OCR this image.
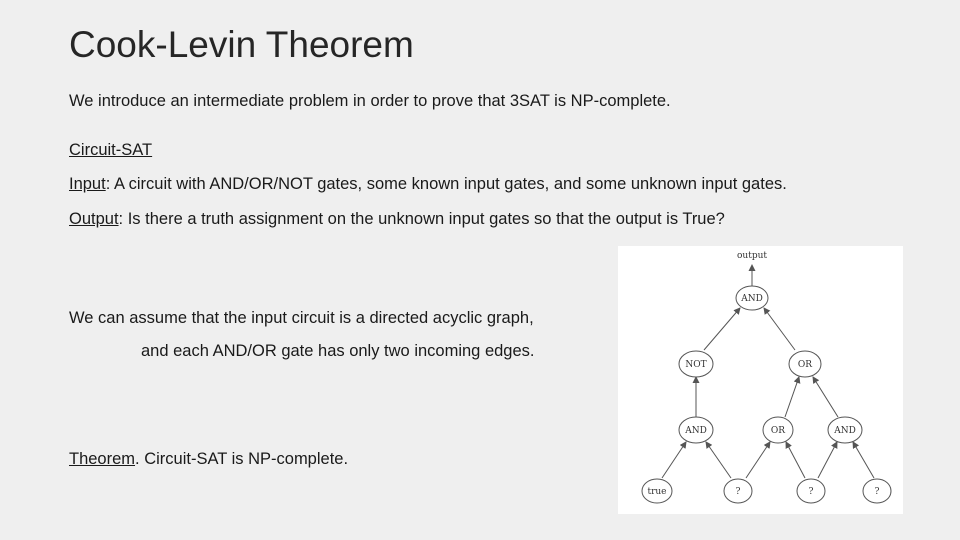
Cook-Levin Theorem

We introduce an intermediate problem in order to prove that 3SAT is NP-complete.

Circuit-SAT

Input: A circuit with AND/OR/NOT gates, some known input gates, and some unknown input gates.

Output: Is there a truth assignment on the unknown input gates so that the output is True?

We can assume that the input circuit is a directed acyclic graph,

and each AND/OR gate has only two incoming edges.

Theorem. Circuit-SAT is NP-complete.

output
AND
NOT	OR
AND	OR	AND
true	?	?	?
